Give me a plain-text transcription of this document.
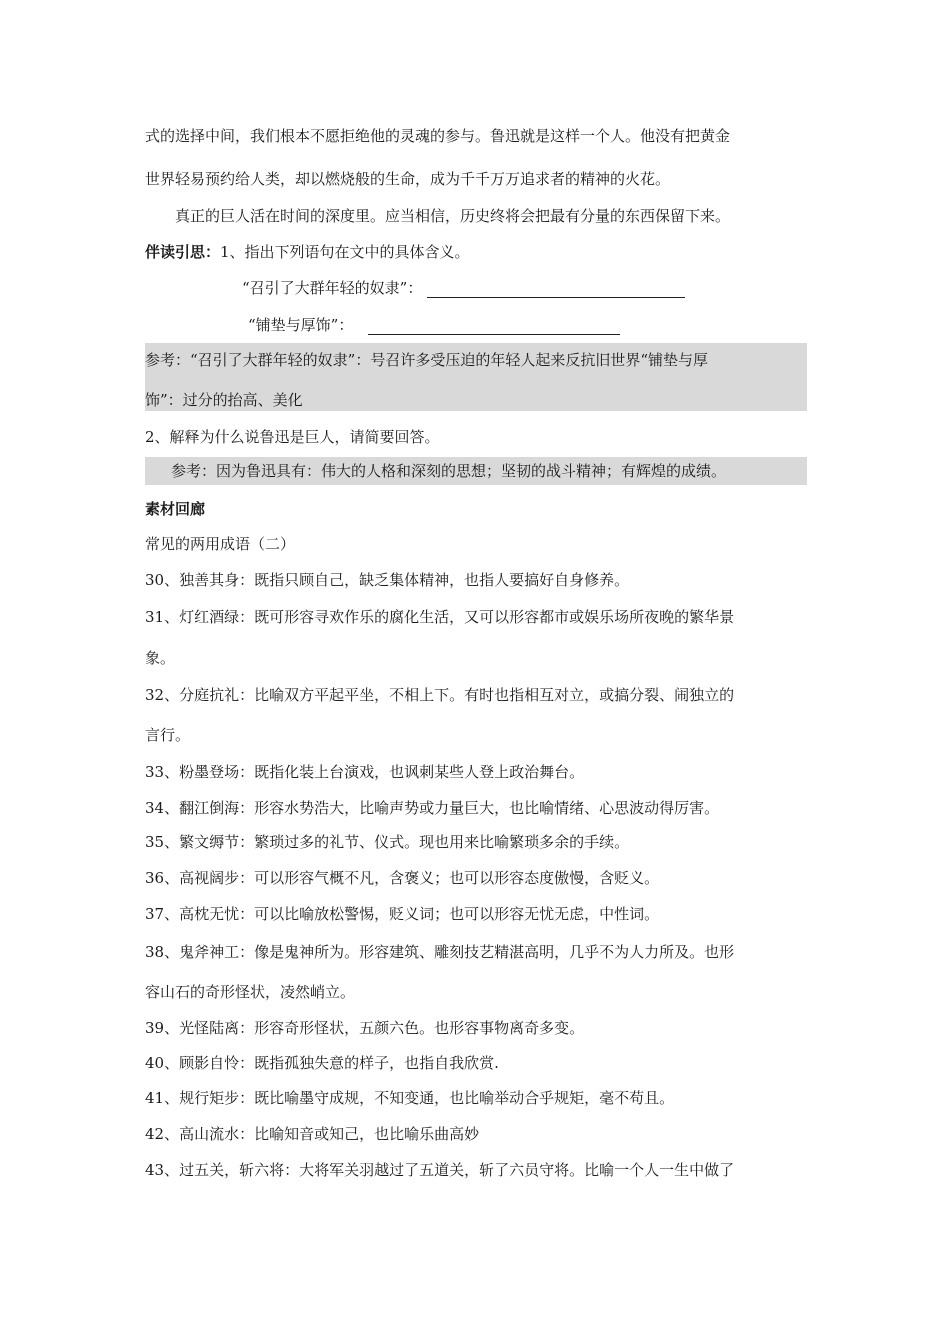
式的选择中间，我们根本不愿拒绝他的灵魂的参与。鲁迅就是这样一个人。他没有把黄金
世界轻易预约给人类，却以燃烧般的生命，成为千千万万追求者的精神的火花。
真正的巨人活在时间的深度里。应当相信，历史终将会把最有分量的东西保留下来。
伴读引思：1、指出下列语句在文中的具体含义。
“召引了大群年轻的奴隶”：
“铺垫与厚饰”：
参考：“召引了大群年轻的奴隶”：号召许多受压迫的年轻人起来反抗旧世界“铺垫与厚
饰”：过分的抬高、美化
2、解释为什么说鲁迅是巨人，请简要回答。
参考：因为鲁迅具有：伟大的人格和深刻的思想；坚韧的战斗精神；有辉煌的成绩。
素材回廊
常见的两用成语（二）
30、独善其身：既指只顾自己，缺乏集体精神，也指人要搞好自身修养。
31、灯红酒绿：既可形容寻欢作乐的腐化生活，又可以形容都市或娱乐场所夜晚的繁华景
象。
32、分庭抗礼：比喻双方平起平坐，不相上下。有时也指相互对立，或搞分裂、闹独立的
言行。
33、粉墨登场：既指化装上台演戏，也讽刺某些人登上政治舞台。
34、翻江倒海：形容水势浩大，比喻声势或力量巨大，也比喻情绪、心思波动得厉害。
35、繁文缛节：繁琐过多的礼节、仪式。现也用来比喻繁琐多余的手续。
36、高视阔步：可以形容气概不凡，含褒义；也可以形容态度傲慢，含贬义。
37、高枕无忧：可以比喻放松警惕，贬义词；也可以形容无忧无虑，中性词。
38、鬼斧神工：像是鬼神所为。形容建筑、雕刻技艺精湛高明，几乎不为人力所及。也形
容山石的奇形怪状，凌然峭立。
39、光怪陆离：形容奇形怪状，五颜六色。也形容事物离奇多变。
40、顾影自怜：既指孤独失意的样子，也指自我欣赏.
41、规行矩步：既比喻墨守成规，不知变通，也比喻举动合乎规矩，毫不苟且。
42、高山流水：比喻知音或知己，也比喻乐曲高妙
43、过五关，斩六将：大将军关羽越过了五道关，斩了六员守将。比喻一个人一生中做了
